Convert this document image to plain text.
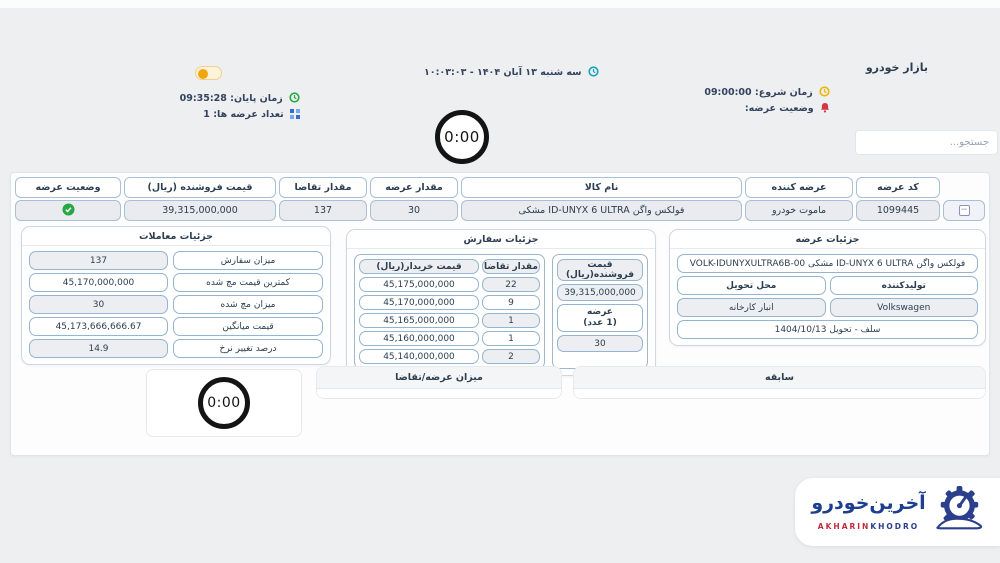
بازار خودرو
زمان شروع: 09:00:00
وضعیت عرضه:
سه شنبه ۱۳ آبان ۱۴۰۴ - ۱۰:۰۳:۰۳
زمان پایان: 09:35:28
تعداد عرضه ها: 1
جستجو...
0:00
کد عرضه
عرضه کننده
نام کالا
مقدار عرضه
مقدار تقاضا
قیمت فروشنده (ریال)
وضعیت عرضه
−
1099445
ماموت خودرو
فولکس واگن ID-UNYX 6 ULTRA مشکی
30
137
39,315,000,000
جزئیات معاملات
میزان سفارش
137
کمترین قیمت مچ شده
45,170,000,000
میزان مچ شده
30
قیمت میانگین
45,173,666,666.67
درصد تغییر نرخ
14.9
جزئیات سفارش
قیمت فروشنده(ریال)
39,315,000,000
عرضه
(1 عدد)
30
مقدار تقاضا
قیمت خریدار(ریال)
22
45,175,000,000
9
45,170,000,000
1
45,165,000,000
1
45,160,000,000
2
45,140,000,000
جزئیات عرضه
فولکس واگن ID-UNYX 6 ULTRA مشکی VOLK-IDUNYXULTRA6B-00
تولیدکننده
محل تحویل
Volkswagen
انبار کارخانه
سلف - تحویل 1404/10/13
0:00
میزان عرضه/تقاضا	سابقه
آخرین‌خودرو
AKHARINKHODRO
